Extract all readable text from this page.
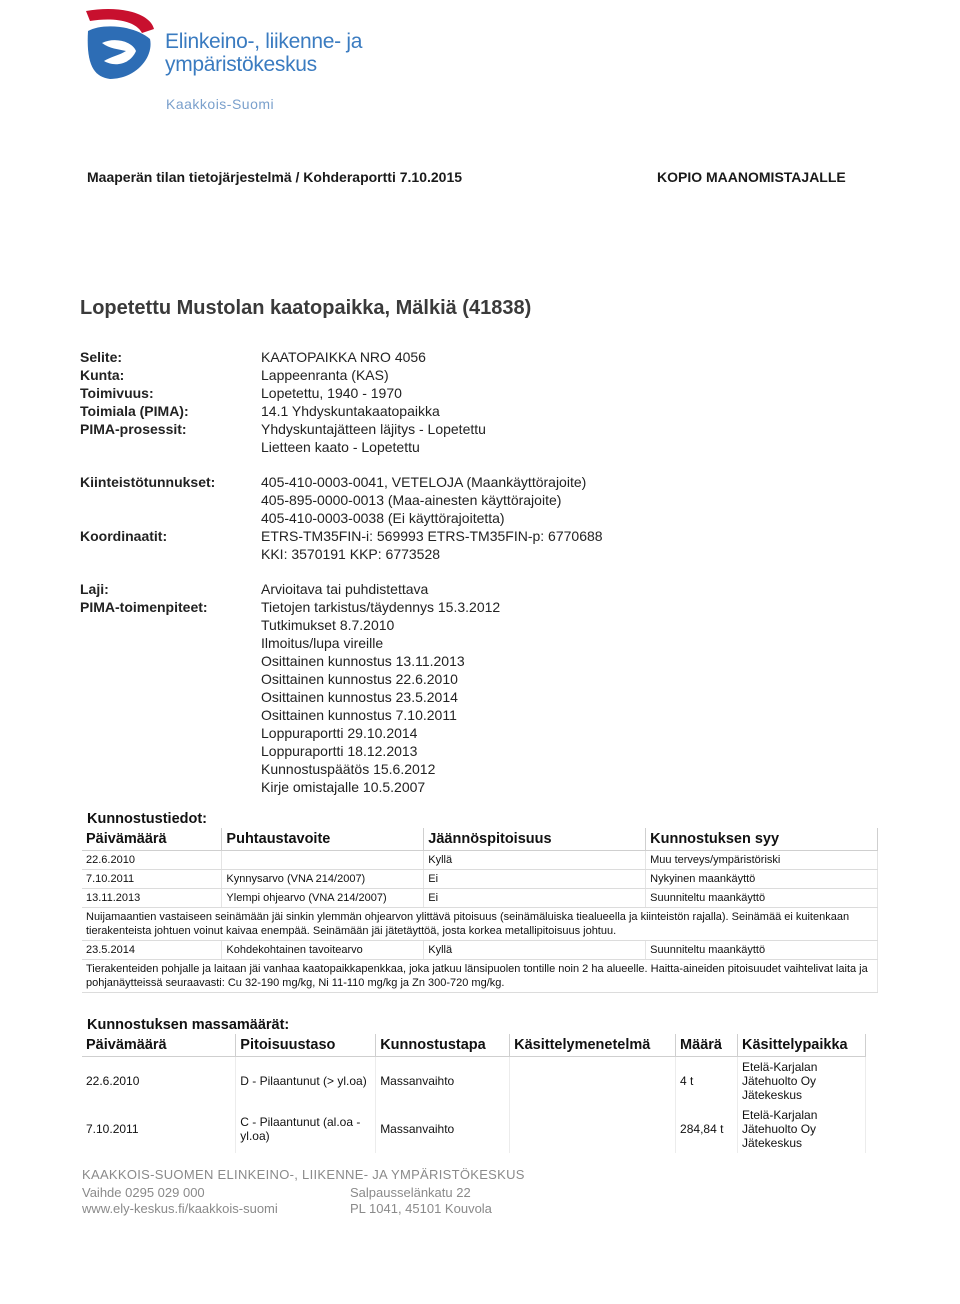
Elinkeino-, liikenne- ja
ympäristökeskus
Kaakkois-Suomi
Maaperän tilan tietojärjestelmä / Kohderaportti 7.10.2015	KOPIO MAANOMISTAJALLE
Lopetettu Mustolan kaatopaikka, Mälkiä (41838)
Selite:	KAATOPAIKKA NRO 4056
Kunta:	Lappeenranta (KAS)
Toimivuus:	Lopetettu, 1940 - 1970
Toimiala (PIMA):	14.1 Yhdyskuntakaatopaikka
PIMA-prosessit:	Yhdyskuntajätteen läjitys - Lopetettu
Lietteen kaato - Lopetettu
Kiinteistötunnukset:	405-410-0003-0041, VETELOJA (Maankäyttörajoite)
405-895-0000-0013 (Maa-ainesten käyttörajoite)
405-410-0003-0038 (Ei käyttörajoitetta)
Koordinaatit:	ETRS-TM35FIN-i: 569993 ETRS-TM35FIN-p: 6770688
KKI: 3570191 KKP: 6773528
Laji:	Arvioitava tai puhdistettava
PIMA-toimenpiteet:	Tietojen tarkistus/täydennys 15.3.2012
Tutkimukset 8.7.2010
Ilmoitus/lupa vireille
Osittainen kunnostus 13.11.2013
Osittainen kunnostus 22.6.2010
Osittainen kunnostus 23.5.2014
Osittainen kunnostus 7.10.2011
Loppuraportti 29.10.2014
Loppuraportti 18.12.2013
Kunnostuspäätös 15.6.2012
Kirje omistajalle 10.5.2007
Kunnostustiedot:
Päivämäärä	Puhtaustavoite	Jäännöspitoisuus	Kunnostuksen syy
22.6.2010		Kyllä	Muu terveys/ympäristöriski
7.10.2011	Kynnysarvo (VNA 214/2007)	Ei	Nykyinen maankäyttö
13.11.2013	Ylempi ohjearvo (VNA 214/2007)	Ei	Suunniteltu maankäyttö
Nuijamaantien vastaiseen seinämään jäi sinkin ylemmän ohjearvon ylittävä pitoisuus (seinämäluiska tiealueella ja kiinteistön rajalla). Seinämää ei kuitenkaan tierakenteista johtuen voinut kaivaa enempää. Seinämään jäi jätetäyttöä, josta korkea metallipitoisuus johtuu.			
23.5.2014	Kohdekohtainen tavoitearvo	Kyllä	Suunniteltu maankäyttö
Tierakenteiden pohjalle ja laitaan jäi vanhaa kaatopaikkapenkkaa, joka jatkuu länsipuolen tontille noin 2 ha alueelle. Haitta-aineiden pitoisuudet vaihtelivat laita ja pohjanäytteissä seuraavasti: Cu 32-190 mg/kg, Ni 11-110 mg/kg ja Zn 300-720 mg/kg.			
Kunnostuksen massamäärät:
Päivämäärä	Pitoisuustaso	Kunnostustapa	Käsittelymenetelmä	Määrä	Käsittelypaikka
22.6.2010	D - Pilaantunut (> yl.oa)	Massanvaihto		4 t	Etelä-Karjalan Jätehuolto Oy Jätekeskus
7.10.2011	C - Pilaantunut (al.oa - yl.oa)	Massanvaihto		284,84 t	Etelä-Karjalan Jätehuolto Oy Jätekeskus
KAAKKOIS-SUOMEN ELINKEINO-, LIIKENNE- JA YMPÄRISTÖKESKUS
Vaihde 0295 029 000
www.ely-keskus.fi/kaakkois-suomi
Salpausselänkatu 22
PL 1041, 45101 Kouvola
